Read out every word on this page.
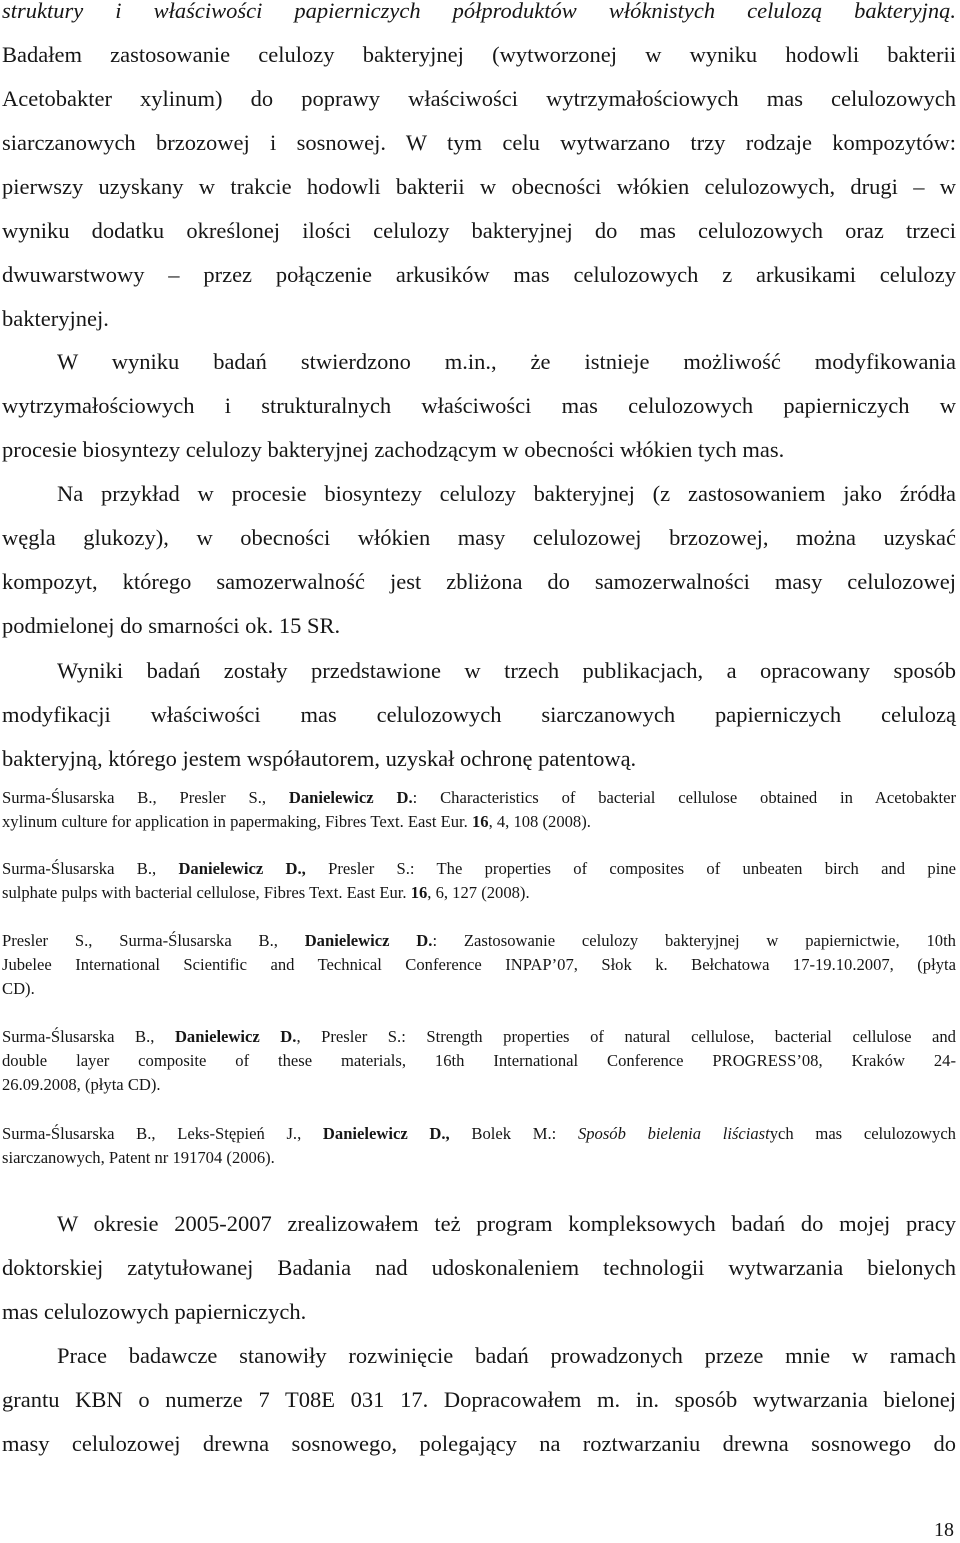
struktury i właściwości papierniczych półproduktów włóknistych celulozą bakteryjną.
Badałem zastosowanie celulozy bakteryjnej (wytworzonej w wyniku hodowli bakterii
Acetobakter xylinum) do poprawy właściwości wytrzymałościowych mas celulozowych
siarczanowych brzozowej i sosnowej. W tym celu wytwarzano trzy rodzaje kompozytów:
pierwszy uzyskany w trakcie hodowli bakterii w obecności włókien celulozowych, drugi – w
wyniku dodatku określonej ilości celulozy bakteryjnej do mas celulozowych oraz trzeci
dwuwarstwowy – przez połączenie arkusików mas celulozowych z arkusikami celulozy
bakteryjnej.
W wyniku badań stwierdzono m.in., że istnieje możliwość modyfikowania
wytrzymałościowych i strukturalnych właściwości mas celulozowych papierniczych w
procesie biosyntezy celulozy bakteryjnej zachodzącym w obecności włókien tych mas.
Na przykład w procesie biosyntezy celulozy bakteryjnej (z zastosowaniem jako źródła
węgla glukozy), w obecności włókien masy celulozowej brzozowej, można uzyskać
kompozyt, którego samozerwalność jest zbliżona do samozerwalności masy celulozowej
podmielonej do smarności ok. 15 SR.
Wyniki badań zostały przedstawione w trzech publikacjach, a opracowany sposób
modyfikacji właściwości mas celulozowych siarczanowych papierniczych celulozą
bakteryjną, którego jestem współautorem, uzyskał ochronę patentową.
Surma-Ślusarska B., Presler S., Danielewicz D.: Characteristics of bacterial cellulose obtained in Acetobakter
xylinum culture for application in papermaking, Fibres Text. East Eur. 16, 4, 108 (2008).
Surma-Ślusarska B., Danielewicz D., Presler S.: The properties of composites of unbeaten birch and pine
sulphate pulps with bacterial cellulose, Fibres Text. East Eur. 16, 6, 127 (2008).
Presler S., Surma-Ślusarska B., Danielewicz D.: Zastosowanie celulozy bakteryjnej w papiernictwie, 10th
Jubelee International Scientific and Technical Conference INPAP’07, Słok k. Bełchatowa 17-19.10.2007, (płyta
CD).
Surma-Ślusarska B., Danielewicz D., Presler S.: Strength properties of natural cellulose, bacterial cellulose and
double layer composite of these materials, 16th International Conference PROGRESS’08, Kraków 24-
26.09.2008, (płyta CD).
Surma-Ślusarska B., Leks-Stępień J., Danielewicz D., Bolek M.: Sposób bielenia liściastych mas celulozowych
siarczanowych, Patent nr 191704 (2006).
W okresie 2005-2007 zrealizowałem też program kompleksowych badań do mojej pracy
doktorskiej zatytułowanej Badania nad udoskonaleniem technologii wytwarzania bielonych
mas celulozowych papierniczych.
Prace badawcze stanowiły rozwinięcie badań prowadzonych przeze mnie w ramach
grantu KBN o numerze 7 T08E 031 17. Dopracowałem m. in. sposób wytwarzania bielonej
masy celulozowej drewna sosnowego, polegający na roztwarzaniu drewna sosnowego do
18
